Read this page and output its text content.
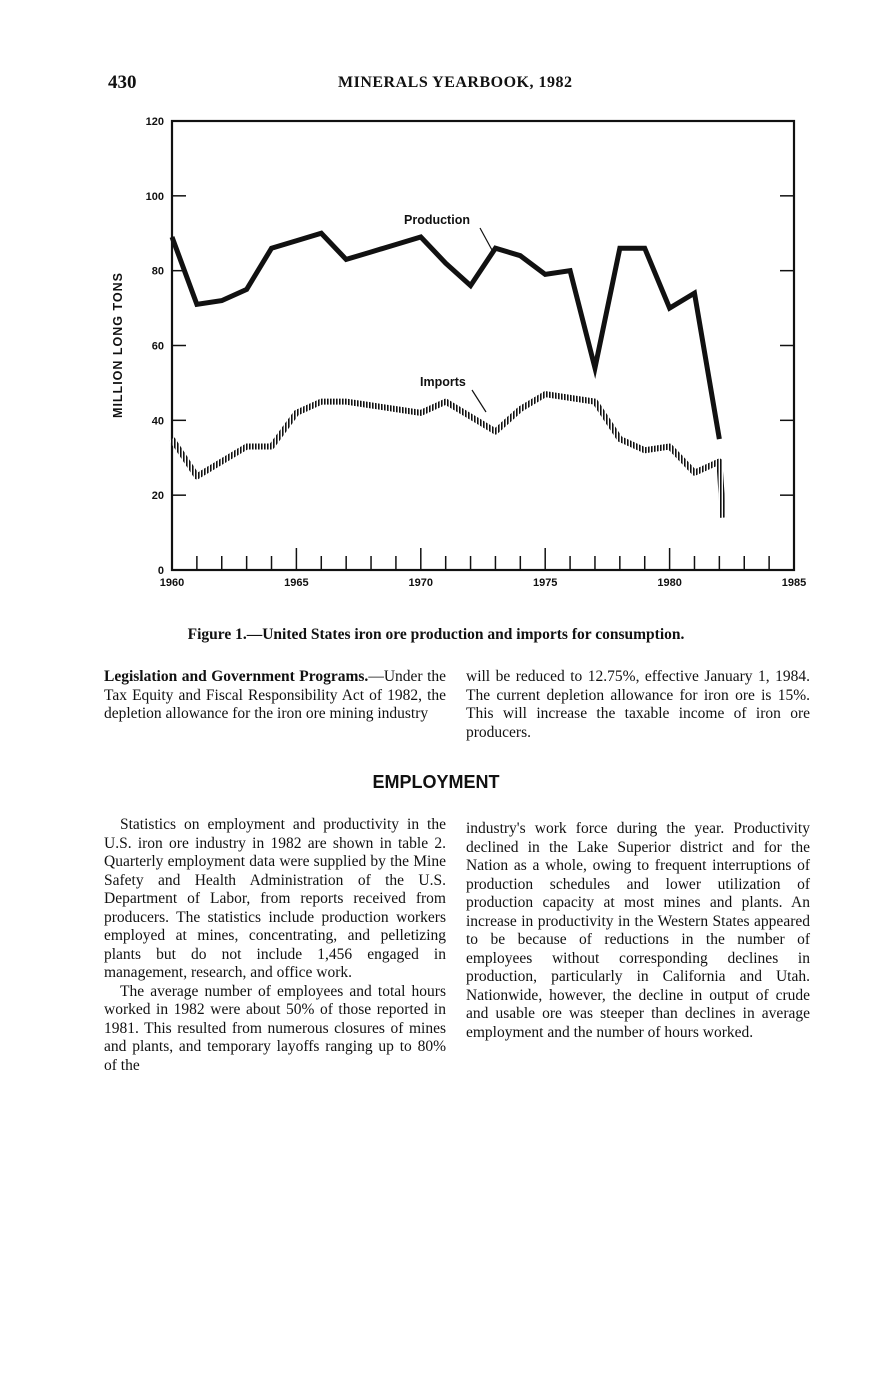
430	MINERALS YEARBOOK, 1982
0
20
40
60
80
100
120
1960	1965	1970	1975	1980	1985
MILLION LONG TONS
Production
Imports
Figure 1.—United States iron ore production and imports for consumption.

Legislation and Government Programs.—Under the Tax Equity and Fiscal Responsibility Act of 1982, the depletion allowance for the iron ore mining industry

will be reduced to 12.75%, effective January 1, 1984. The current depletion allowance for iron ore is 15%. This will increase the taxable income of iron ore producers.

EMPLOYMENT

Statistics on employment and productivity in the U.S. iron ore industry in 1982 are shown in table 2. Quarterly employment data were supplied by the Mine Safety and Health Administration of the U.S. Department of Labor, from reports received from producers. The statistics include production workers employed at mines, concentrating, and pelletizing plants but do not include 1,456 engaged in management, research, and office work.

The average number of employees and total hours worked in 1982 were about 50% of those reported in 1981. This resulted from numerous closures of mines and plants, and temporary layoffs ranging up to 80% of the

industry's work force during the year. Productivity declined in the Lake Superior district and for the Nation as a whole, owing to frequent interruptions of production schedules and lower utilization of production capacity at most mines and plants. An increase in productivity in the Western States appeared to be because of reductions in the number of employees without corresponding declines in production, particularly in California and Utah. Nationwide, however, the decline in output of crude and usable ore was steeper than declines in average employment and the number of hours worked.
